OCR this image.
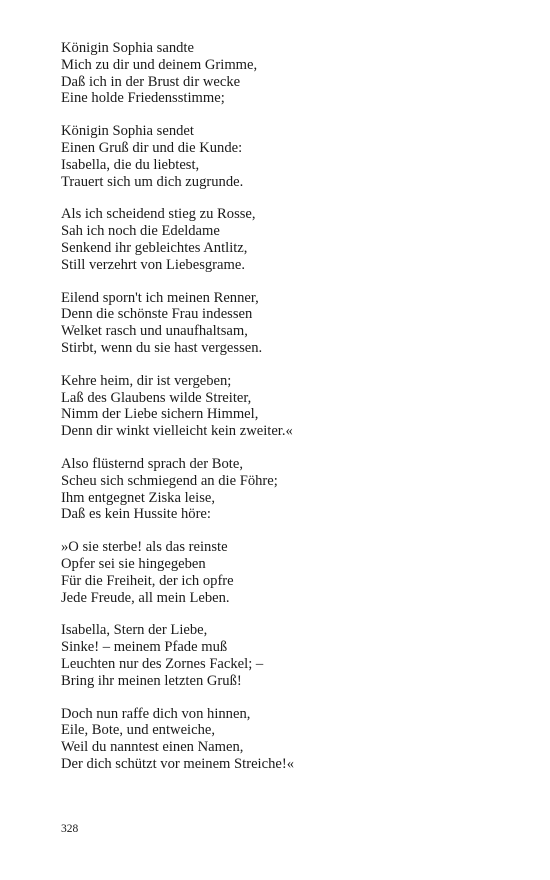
Königin Sophia sandte
Mich zu dir und deinem Grimme,
Daß ich in der Brust dir wecke
Eine holde Friedensstimme;
Königin Sophia sendet
Einen Gruß dir und die Kunde:
Isabella, die du liebtest,
Trauert sich um dich zugrunde.
Als ich scheidend stieg zu Rosse,
Sah ich noch die Edeldame
Senkend ihr gebleichtes Antlitz,
Still verzehrt von Liebesgrame.
Eilend sporn't ich meinen Renner,
Denn die schönste Frau indessen
Welket rasch und unaufhaltsam,
Stirbt, wenn du sie hast vergessen.
Kehre heim, dir ist vergeben;
Laß des Glaubens wilde Streiter,
Nimm der Liebe sichern Himmel,
Denn dir winkt vielleicht kein zweiter.«
Also flüsternd sprach der Bote,
Scheu sich schmiegend an die Föhre;
Ihm entgegnet Ziska leise,
Daß es kein Hussite höre:
»O sie sterbe! als das reinste
Opfer sei sie hingegeben
Für die Freiheit, der ich opfre
Jede Freude, all mein Leben.
Isabella, Stern der Liebe,
Sinke! – meinem Pfade muß
Leuchten nur des Zornes Fackel; –
Bring ihr meinen letzten Gruß!
Doch nun raffe dich von hinnen,
Eile, Bote, und entweiche,
Weil du nanntest einen Namen,
Der dich schützt vor meinem Streiche!«
328
